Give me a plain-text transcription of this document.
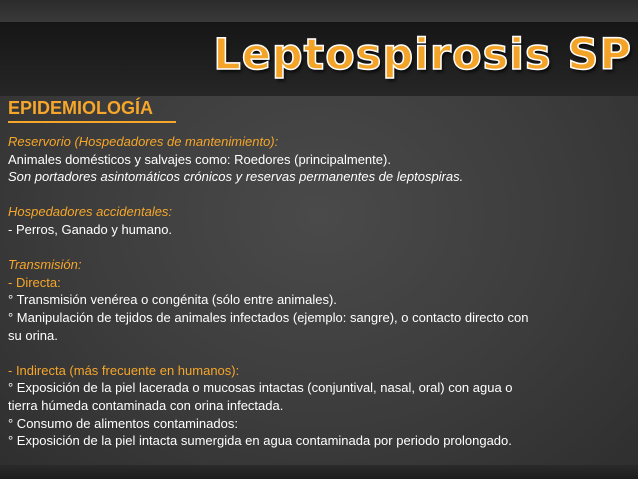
Leptospirosis SP
EPIDEMIOLOGÍA

Reservorio (Hospedadores de mantenimiento):

Animales domésticos y salvajes como: Roedores (principalmente).

Son portadores asintomáticos crónicos y reservas permanentes de leptospiras.

Hospedadores accidentales:

- Perros, Ganado y humano.

Transmisión:

- Directa:

° Transmisión venérea o congénita (sólo entre animales).

° Manipulación de tejidos de animales infectados (ejemplo: sangre), o contacto directo con

su orina.

- Indirecta (más frecuente en humanos):

° Exposición de la piel lacerada o mucosas intactas (conjuntival, nasal, oral) con agua o

tierra húmeda contaminada con orina infectada.

° Consumo de alimentos contaminados:

° Exposición de la piel intacta sumergida en agua contaminada por periodo prolongado.
